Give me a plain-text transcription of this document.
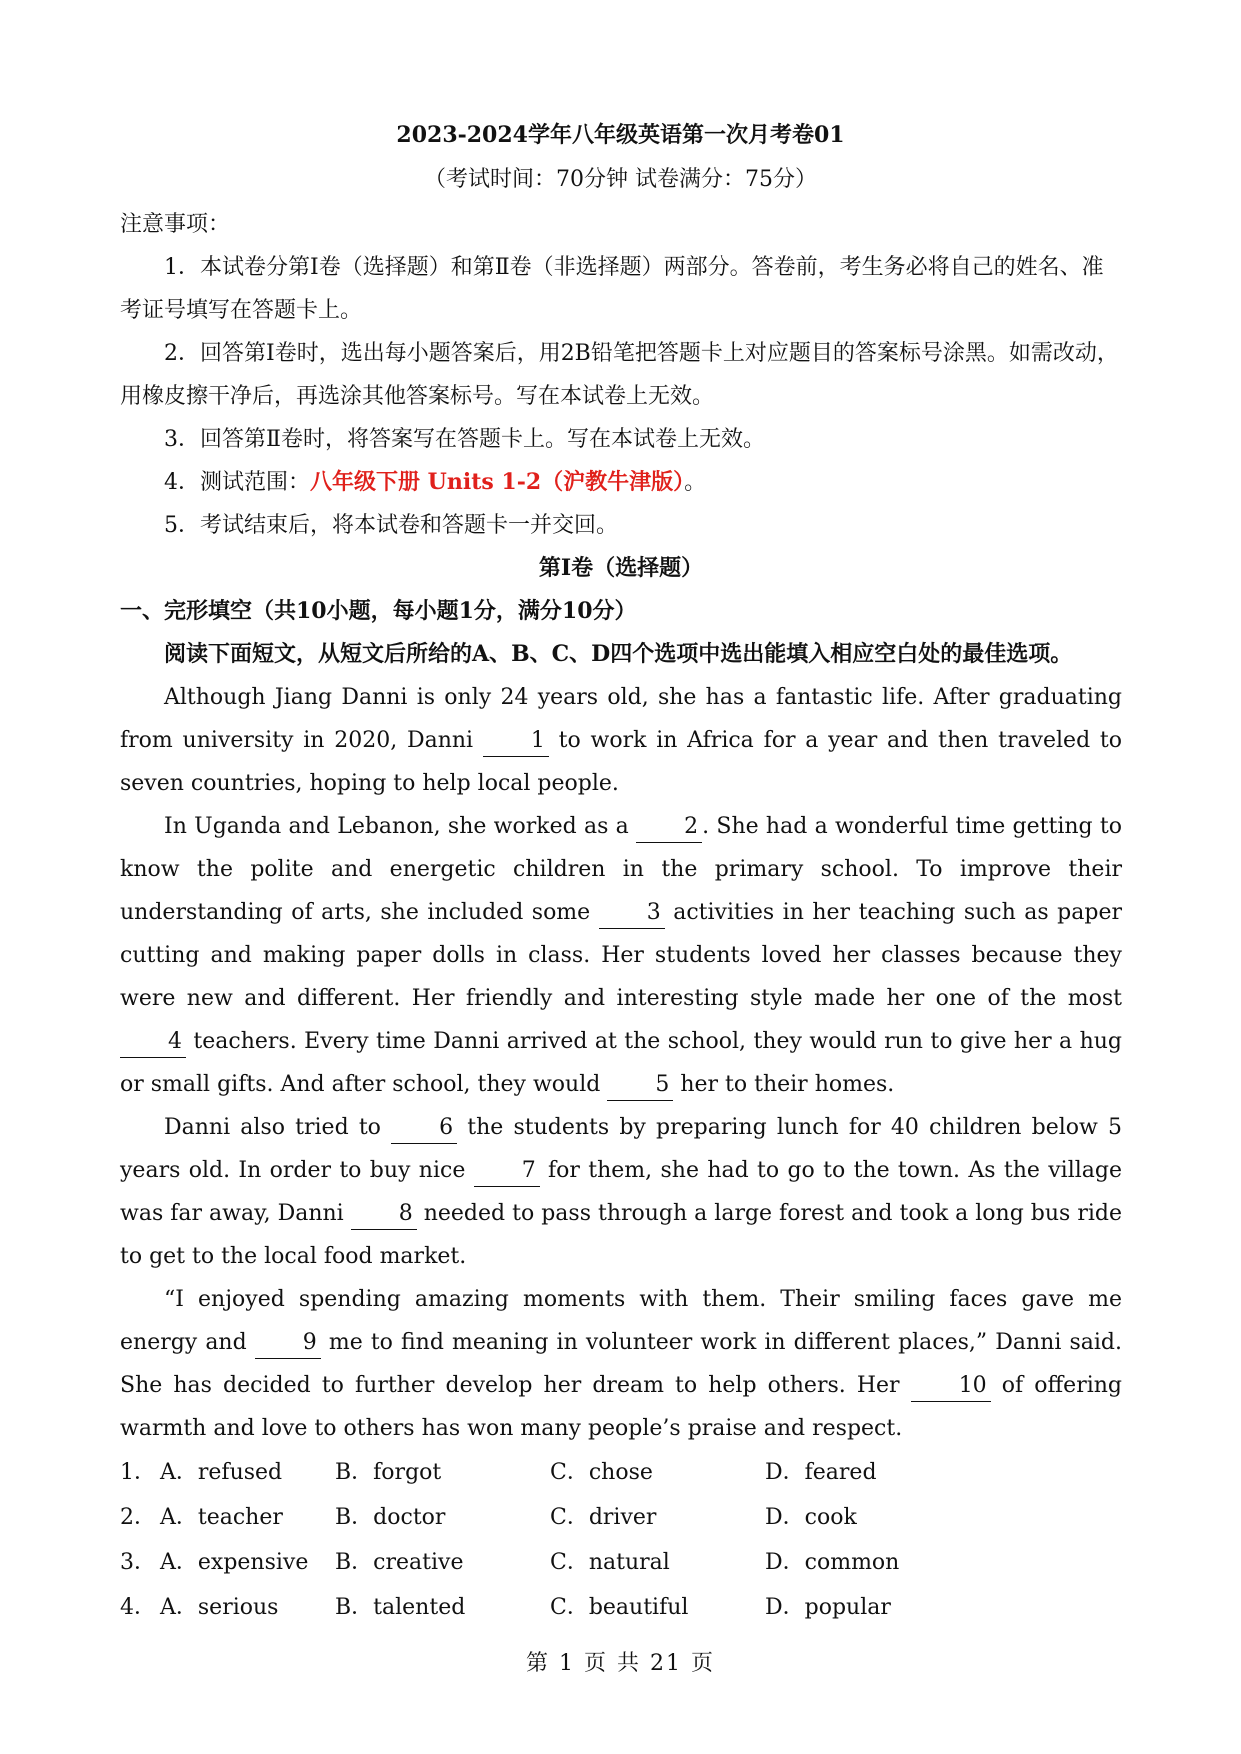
2023-2024学年八年级英语第一次月考卷01
（考试时间：70分钟 试卷满分：75分）

注意事项：

1．本试卷分第Ⅰ卷（选择题）和第Ⅱ卷（非选择题）两部分。答卷前，考生务必将自己的姓名、准考证号填写在答题卡上。

2．回答第Ⅰ卷时，选出每小题答案后，用2B铅笔把答题卡上对应题目的答案标号涂黑。如需改动，用橡皮擦干净后，再选涂其他答案标号。写在本试卷上无效。

3．回答第Ⅱ卷时，将答案写在答题卡上。写在本试卷上无效。

4．测试范围：八年级下册 Units 1-2（沪教牛津版）。

5．考试结束后，将本试卷和答题卡一并交回。

第Ⅰ卷（选择题）

一、完形填空（共10小题，每小题1分，满分10分）

阅读下面短文，从短文后所给的A、B、C、D四个选项中选出能填入相应空白处的最佳选项。

Although Jiang Danni is only 24 years old, she has a fantastic life. After graduating from university in 2020, Danni 1 to work in Africa for a year and then traveled to seven countries, hoping to help local people.

In Uganda and Lebanon, she worked as a 2 . She had a wonderful time getting to know the polite and energetic children in the primary school. To improve their understanding of arts, she included some 3 activities in her teaching such as paper cutting and making paper dolls in class. Her students loved her classes because they were new and different. Her friendly and interesting style made her one of the most 4 teachers. Every time Danni arrived at the school, they would run to give her a hug or small gifts. And after school, they would 5 her to their homes.

Danni also tried to 6 the students by preparing lunch for 40 children below 5 years old. In order to buy nice 7 for them, she had to go to the town. As the village was far away, Danni 8 needed to pass through a large forest and took a long bus ride to get to the local food market.

“I enjoyed spending amazing moments with them. Their smiling faces gave me energy and 9 me to find meaning in volunteer work in different places,” Danni said. She has decided to further develop her dream to help others. Her 10 of offering warmth and love to others has won many people’s praise and respect.

1． A．refused	B．forgot	C．chose	D．feared
2． A．teacher	B．doctor	C．driver	D．cook
3． A．expensive	B．creative	C．natural	D．common
4． A．serious	B．talented	C．beautiful	D．popular
第 1 页 共 21 页
